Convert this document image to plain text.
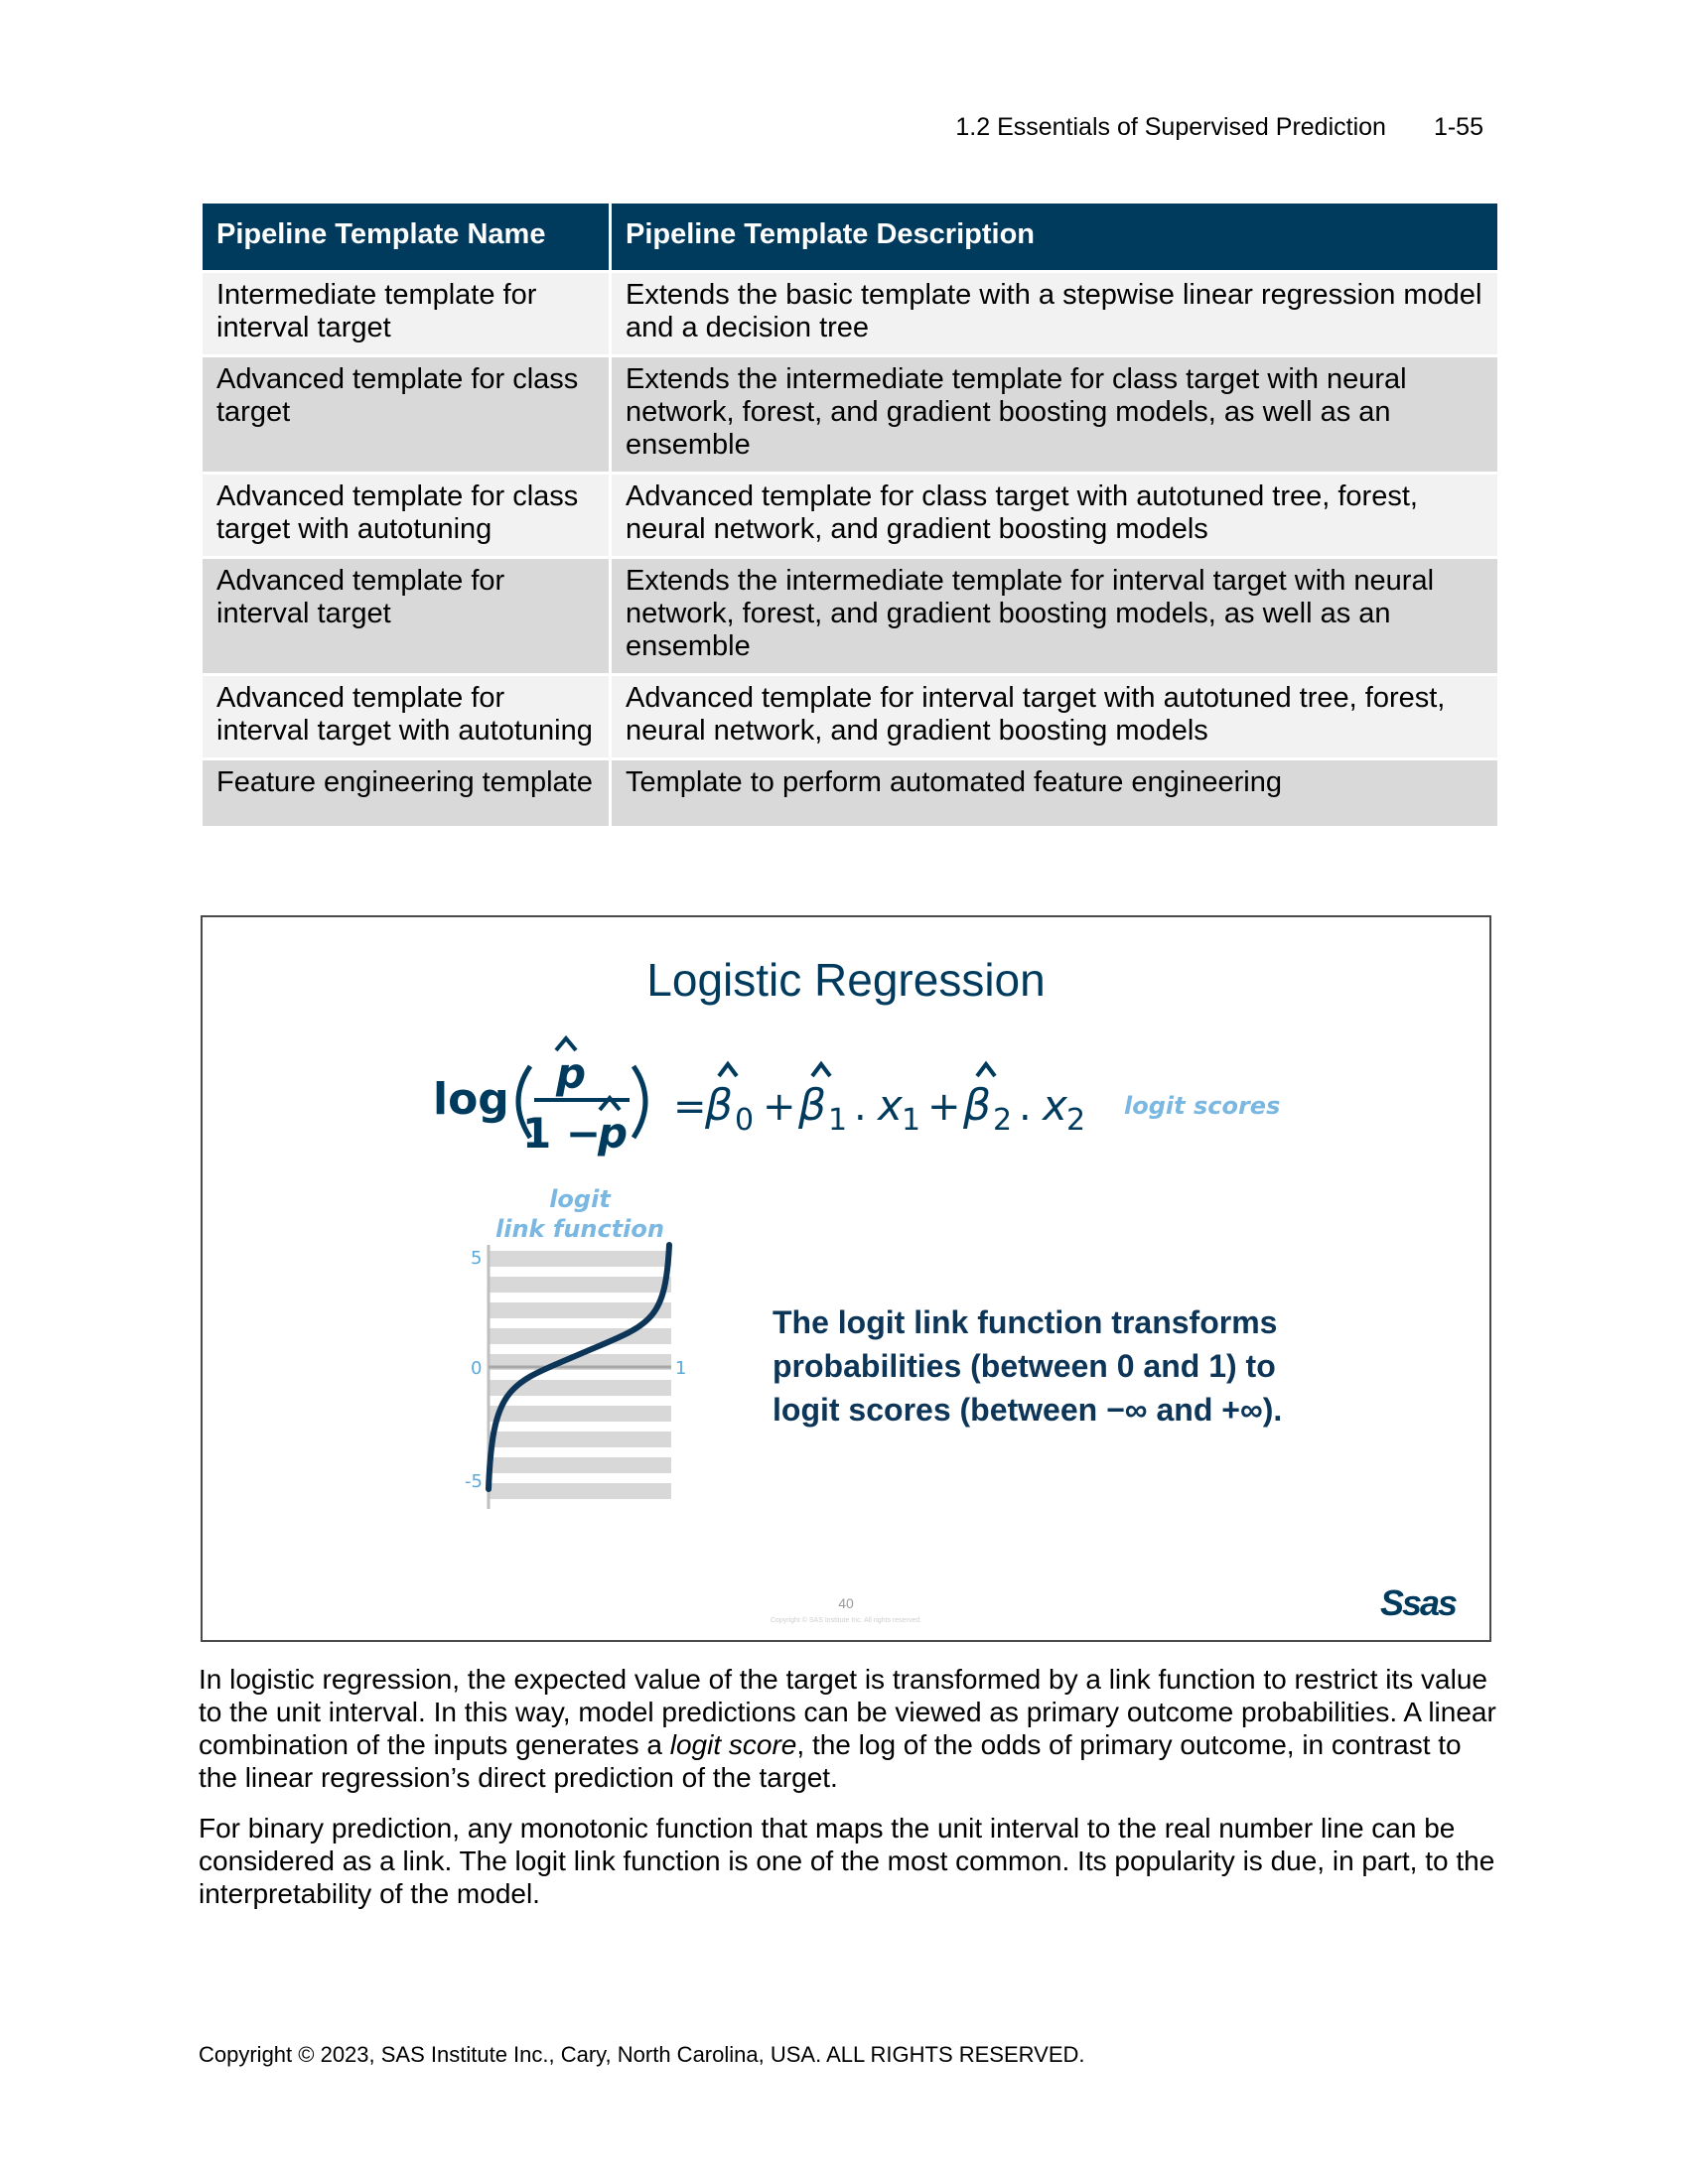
1.2 Essentials of Supervised Prediction 1-55
Pipeline Template Name	Pipeline Template Description
Intermediate template for interval target	Extends the basic template with a stepwise linear regression model and a decision tree
Advanced template for class target	Extends the intermediate template for class target with neural network, forest, and gradient boosting models, as well as an ensemble
Advanced template for class target with autotuning	Advanced template for class target with autotuned tree, forest, neural network, and gradient boosting models
Advanced template for interval target	Extends the intermediate template for interval target with neural network, forest, and gradient boosting models, as well as an ensemble
Advanced template for interval target with autotuning	Advanced template for interval target with autotuned tree, forest, neural network, and gradient boosting models
Feature engineering template	Template to perform automated feature engineering
Logistic Regression
log
p
1 −
p
=
β 0 + β 1 . x 1 + β 2 . x 2 logit scores
logit
link function
5
0
-5
1
The logit link function transforms probabilities (between 0 and 1) to logit scores (between −∞ and +∞).
40
Copyright © SAS Institute Inc. All rights reserved.	Ssas
In logistic regression, the expected value of the target is transformed by a link function to restrict its value to the unit interval. In this way, model predictions can be viewed as primary outcome probabilities. A linear combination of the inputs generates a logit score, the log of the odds of primary outcome, in contrast to the linear regression’s direct prediction of the target.
For binary prediction, any monotonic function that maps the unit interval to the real number line can be considered as a link. The logit link function is one of the most common. Its popularity is due, in part, to the interpretability of the model.
Copyright © 2023, SAS Institute Inc., Cary, North Carolina, USA. ALL RIGHTS RESERVED.
